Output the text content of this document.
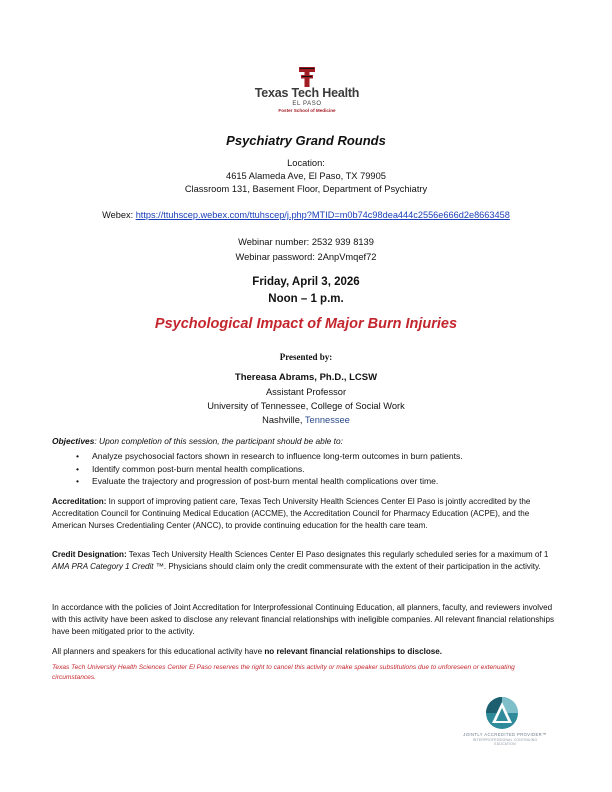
Texas Tech Health
EL PASO
Foster School of Medicine
Psychiatry Grand Rounds
Location:
4615 Alameda Ave, El Paso, TX 79905
Classroom 131, Basement Floor, Department of Psychiatry
Webex: https://ttuhscep.webex.com/ttuhscep/j.php?MTID=m0b74c98dea444c2556e666d2e8663458
Webinar number: 2532 939 8139
Webinar password: 2AnpVmqef72
Friday, April 3, 2026
Noon – 1 p.m.
Psychological Impact of Major Burn Injuries
Presented by:
Thereasa Abrams, Ph.D., LCSW
Assistant Professor
University of Tennessee, College of Social Work
Nashville, Tennessee
Objectives: Upon completion of this session, the participant should be able to:
• Analyze psychosocial factors shown in research to influence long-term outcomes in burn patients.
• Identify common post-burn mental health complications.
• Evaluate the trajectory and progression of post-burn mental health complications over time.
Accreditation: In support of improving patient care, Texas Tech University Health Sciences Center El Paso is jointly accredited by the Accreditation Council for Continuing Medical Education (ACCME), the Accreditation Council for Pharmacy Education (ACPE), and the American Nurses Credentialing Center (ANCC), to provide continuing education for the health care team.
Credit Designation: Texas Tech University Health Sciences Center El Paso designates this regularly scheduled series for a maximum of 1 AMA PRA Category 1 Credit ™. Physicians should claim only the credit commensurate with the extent of their participation in the activity.
In accordance with the policies of Joint Accreditation for Interprofessional Continuing Education, all planners, faculty, and reviewers involved with this activity have been asked to disclose any relevant financial relationships with ineligible companies. All relevant financial relationships have been mitigated prior to the activity.
All planners and speakers for this educational activity have no relevant financial relationships to disclose.
Texas Tech University Health Sciences Center El Paso reserves the right to cancel this activity or make speaker substitutions due to unforeseen or extenuating circumstances.
JOINTLY ACCREDITED PROVIDER™
INTERPROFESSIONAL CONTINUING EDUCATION
